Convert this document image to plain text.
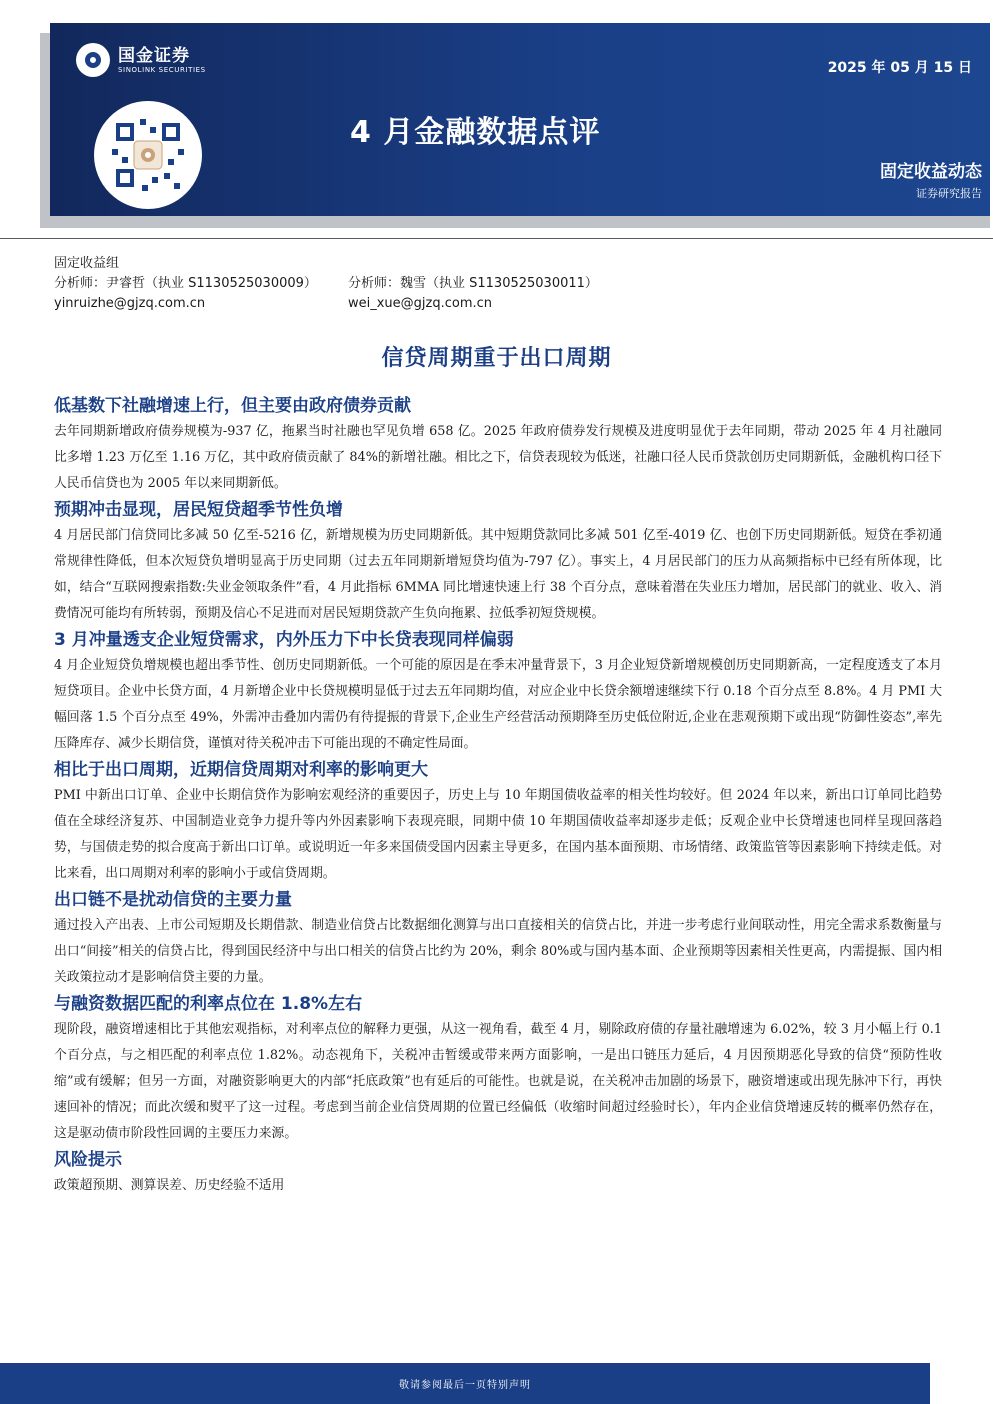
国金证券
SINOLINK SECURITIES	2025 年 05 月 15 日
4 月金融数据点评
固定收益动态
证券研究报告
固定收益组
分析师：尹睿哲（执业 S1130525030009） 分析师：魏雪（执业 S1130525030011）
yinruizhe@gjzq.com.cn	wei_xue@gjzq.com.cn
信贷周期重于出口周期
低基数下社融增速上行，但主要由政府债券贡献

去年同期新增政府债券规模为-937 亿，拖累当时社融也罕见负增 658 亿。2025 年政府债券发行规模及进度明显优于去年同期，带动 2025 年 4 月社融同比多增 1.23 万亿至 1.16 万亿，其中政府债贡献了 84%的新增社融。相比之下，信贷表现较为低迷，社融口径人民币贷款创历史同期新低，金融机构口径下人民币信贷也为 2005 年以来同期新低。

预期冲击显现，居民短贷超季节性负增

4 月居民部门信贷同比多减 50 亿至-5216 亿，新增规模为历史同期新低。其中短期贷款同比多减 501 亿至-4019 亿、也创下历史同期新低。短贷在季初通常规律性降低，但本次短贷负增明显高于历史同期（过去五年同期新增短贷均值为-797 亿）。事实上，4 月居民部门的压力从高频指标中已经有所体现，比如，结合“互联网搜索指数:失业金领取条件”看，4 月此指标 6MMA 同比增速快速上行 38 个百分点，意味着潜在失业压力增加，居民部门的就业、收入、消费情况可能均有所转弱，预期及信心不足进而对居民短期贷款产生负向拖累、拉低季初短贷规模。

3 月冲量透支企业短贷需求，内外压力下中长贷表现同样偏弱

4 月企业短贷负增规模也超出季节性、创历史同期新低。一个可能的原因是在季末冲量背景下，3 月企业短贷新增规模创历史同期新高，一定程度透支了本月短贷项目。企业中长贷方面，4 月新增企业中长贷规模明显低于过去五年同期均值，对应企业中长贷余额增速继续下行 0.18 个百分点至 8.8%。4 月 PMI 大幅回落 1.5 个百分点至 49%，外需冲击叠加内需仍有待提振的背景下,企业生产经营活动预期降至历史低位附近,企业在悲观预期下或出现“防御性姿态”,率先压降库存、减少长期信贷，谨慎对待关税冲击下可能出现的不确定性局面。

相比于出口周期，近期信贷周期对利率的影响更大

PMI 中新出口订单、企业中长期信贷作为影响宏观经济的重要因子，历史上与 10 年期国债收益率的相关性均较好。但 2024 年以来，新出口订单同比趋势值在全球经济复苏、中国制造业竞争力提升等内外因素影响下表现亮眼，同期中债 10 年期国债收益率却逐步走低；反观企业中长贷增速也同样呈现回落趋势，与国债走势的拟合度高于新出口订单。或说明近一年多来国债受国内因素主导更多，在国内基本面预期、市场情绪、政策监管等因素影响下持续走低。对比来看，出口周期对利率的影响小于或信贷周期。

出口链不是扰动信贷的主要力量

通过投入产出表、上市公司短期及长期借款、制造业信贷占比数据细化测算与出口直接相关的信贷占比，并进一步考虑行业间联动性，用完全需求系数衡量与出口“间接”相关的信贷占比，得到国民经济中与出口相关的信贷占比约为 20%，剩余 80%或与国内基本面、企业预期等因素相关性更高，内需提振、国内相关政策拉动才是影响信贷主要的力量。

与融资数据匹配的利率点位在 1.8%左右

现阶段，融资增速相比于其他宏观指标，对利率点位的解释力更强，从这一视角看，截至 4 月，剔除政府债的存量社融增速为 6.02%，较 3 月小幅上行 0.1 个百分点，与之相匹配的利率点位 1.82%。动态视角下，关税冲击暂缓或带来两方面影响，一是出口链压力延后，4 月因预期恶化导致的信贷“预防性收缩”或有缓解；但另一方面，对融资影响更大的内部“托底政策”也有延后的可能性。也就是说，在关税冲击加剧的场景下，融资增速或出现先脉冲下行，再快速回补的情况；而此次缓和熨平了这一过程。考虑到当前企业信贷周期的位置已经偏低（收缩时间超过经验时长），年内企业信贷增速反转的概率仍然存在，这是驱动债市阶段性回调的主要压力来源。

风险提示

政策超预期、测算误差、历史经验不适用

敬请参阅最后一页特别声明
